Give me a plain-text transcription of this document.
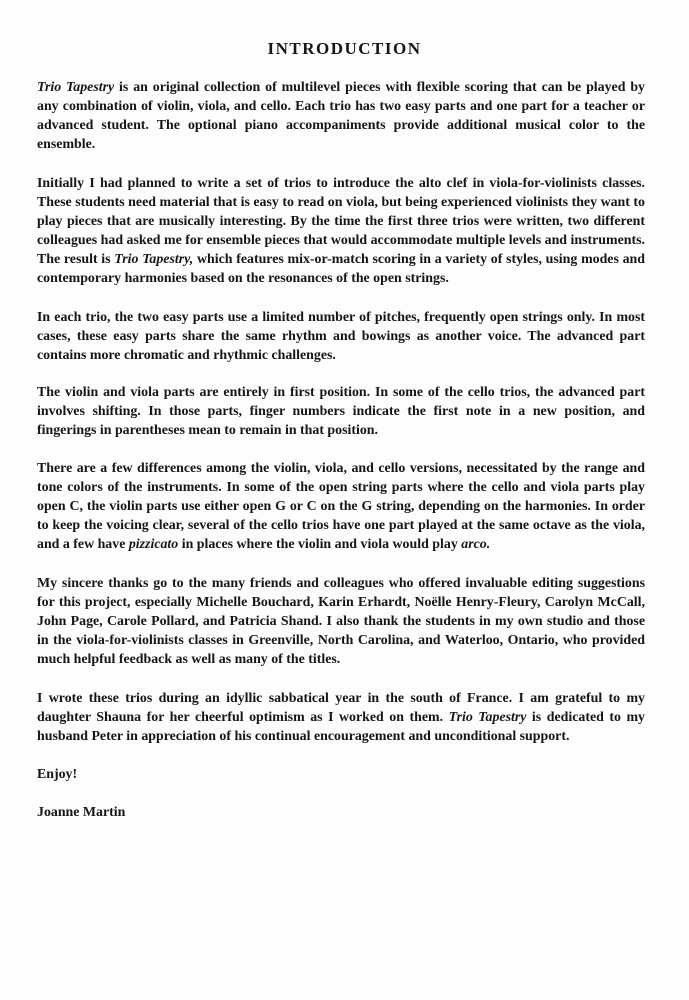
INTRODUCTION

Trio Tapestry is an original collection of multilevel pieces with flexible scoring that can be played by any combination of violin, viola, and cello. Each trio has two easy parts and one part for a teacher or advanced student. The optional piano accompaniments provide additional musical color to the ensemble.

Initially I had planned to write a set of trios to introduce the alto clef in viola-for-violinists classes. These students need material that is easy to read on viola, but being experienced violinists they want to play pieces that are musically interesting. By the time the first three trios were written, two different colleagues had asked me for ensemble pieces that would accommodate multiple levels and instruments. The result is Trio Tapestry, which features mix-or-match scoring in a variety of styles, using modes and contemporary harmonies based on the resonances of the open strings.

In each trio, the two easy parts use a limited number of pitches, frequently open strings only. In most cases, these easy parts share the same rhythm and bowings as another voice. The advanced part contains more chromatic and rhythmic challenges.

The violin and viola parts are entirely in first position. In some of the cello trios, the advanced part involves shifting. In those parts, finger numbers indicate the first note in a new position, and fingerings in parentheses mean to remain in that position.

There are a few differences among the violin, viola, and cello versions, necessitated by the range and tone colors of the instruments. In some of the open string parts where the cello and viola parts play open C, the violin parts use either open G or C on the G string, depending on the harmonies. In order to keep the voicing clear, several of the cello trios have one part played at the same octave as the viola, and a few have pizzicato in places where the violin and viola would play arco.

My sincere thanks go to the many friends and colleagues who offered invaluable editing suggestions for this project, especially Michelle Bouchard, Karin Erhardt, Noëlle Henry-Fleury, Carolyn McCall, John Page, Carole Pollard, and Patricia Shand. I also thank the students in my own studio and those in the viola-for-violinists classes in Greenville, North Carolina, and Waterloo, Ontario, who provided much helpful feedback as well as many of the titles.

I wrote these trios during an idyllic sabbatical year in the south of France. I am grateful to my daughter Shauna for her cheerful optimism as I worked on them. Trio Tapestry is dedicated to my husband Peter in appreciation of his continual encouragement and unconditional support.

Enjoy!

Joanne Martin
